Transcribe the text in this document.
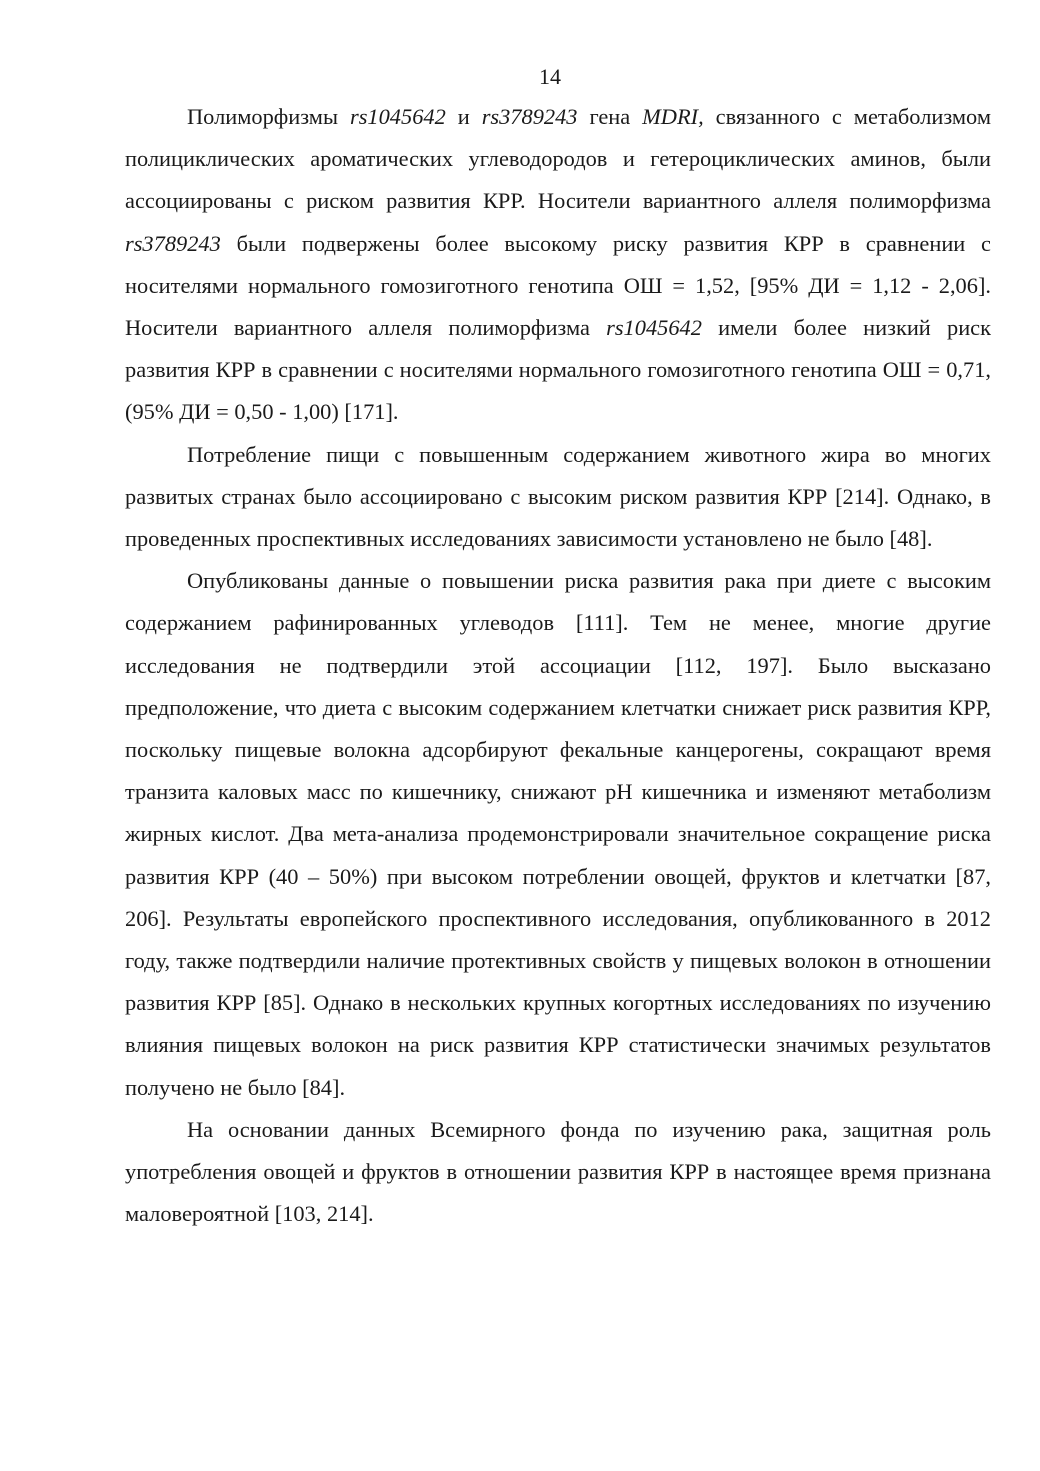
14

Полиморфизмы rs1045642 и rs3789243 гена MDRI, связанного с метаболизмом полициклических ароматических углеводородов и гетероциклических аминов, были ассоциированы с риском развития КРР. Носители вариантного аллеля полиморфизма rs3789243 были подвержены более высокому риску развития КРР в сравнении с носителями нормального гомозиготного генотипа ОШ = 1,52, [95% ДИ = 1,12 - 2,06]. Носители вариантного аллеля полиморфизма rs1045642 имели более низкий риск развития КРР в сравнении с носителями нормального гомозиготного генотипа ОШ = 0,71, (95% ДИ = 0,50 - 1,00) [171].

Потребление пищи с повышенным содержанием животного жира во многих развитых странах было ассоциировано с высоким риском развития КРР [214]. Однако, в проведенных проспективных исследованиях зависимости установлено не было [48].

Опубликованы данные о повышении риска развития рака при диете с высоким содержанием рафинированных углеводов [111]. Тем не менее, многие другие исследования не подтвердили этой ассоциации [112, 197]. Было высказано предположение, что диета с высоким содержанием клетчатки снижает риск развития КРР, поскольку пищевые волокна адсорбируют фекальные канцерогены, сокращают время транзита каловых масс по кишечнику, снижают pH кишечника и изменяют метаболизм жирных кислот. Два мета-анализа продемонстрировали значительное сокращение риска развития КРР (40 – 50%) при высоком потреблении овощей, фруктов и клетчатки [87, 206]. Результаты европейского проспективного исследования, опубликованного в 2012 году, также подтвердили наличие протективных свойств у пищевых волокон в отношении развития КРР [85]. Однако в нескольких крупных когортных исследованиях по изучению влияния пищевых волокон на риск развития КРР статистически значимых результатов получено не было [84].

На основании данных Всемирного фонда по изучению рака, защитная роль употребления овощей и фруктов в отношении развития КРР в настоящее время признана маловероятной [103, 214].
